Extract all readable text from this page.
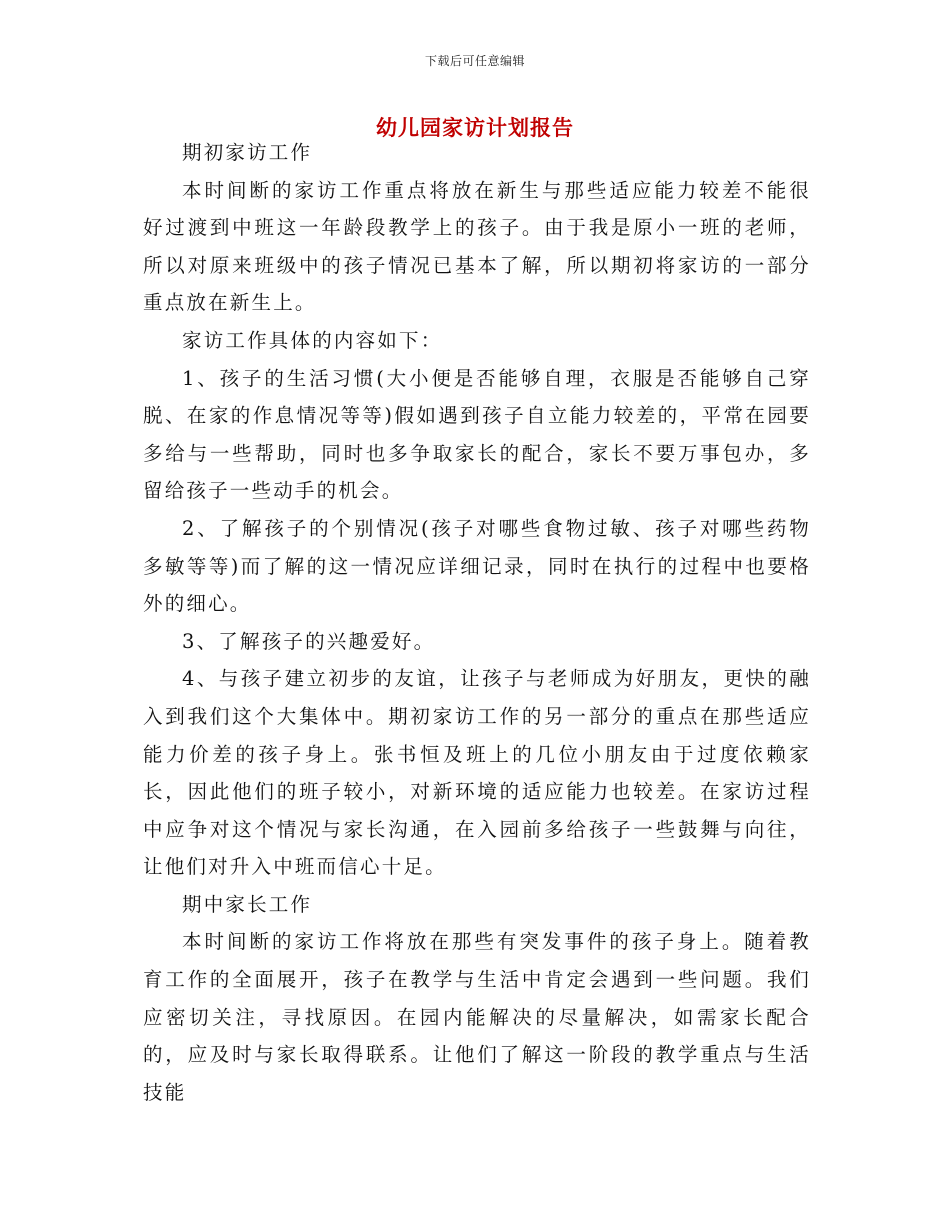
下载后可任意编辑
幼儿园家访计划报告

期初家访工作

本时间断的家访工作重点将放在新生与那些适应能力较差不能很好过渡到中班这一年龄段教学上的孩子。由于我是原小一班的老师，所以对原来班级中的孩子情况已基本了解，所以期初将家访的一部分重点放在新生上。

家访工作具体的内容如下：

1、孩子的生活习惯(大小便是否能够自理，衣服是否能够自己穿脱、在家的作息情况等等)假如遇到孩子自立能力较差的，平常在园要多给与一些帮助，同时也多争取家长的配合，家长不要万事包办，多留给孩子一些动手的机会。

2、了解孩子的个别情况(孩子对哪些食物过敏、孩子对哪些药物多敏等等)而了解的这一情况应详细记录，同时在执行的过程中也要格外的细心。

3、了解孩子的兴趣爱好。

4、与孩子建立初步的友谊，让孩子与老师成为好朋友，更快的融入到我们这个大集体中。期初家访工作的另一部分的重点在那些适应能力价差的孩子身上。张书恒及班上的几位小朋友由于过度依赖家长，因此他们的班子较小，对新环境的适应能力也较差。在家访过程中应争对这个情况与家长沟通，在入园前多给孩子一些鼓舞与向往，让他们对升入中班而信心十足。

期中家长工作

本时间断的家访工作将放在那些有突发事件的孩子身上。随着教育工作的全面展开，孩子在教学与生活中肯定会遇到一些问题。我们应密切关注，寻找原因。在园内能解决的尽量解决，如需家长配合的，应及时与家长取得联系。让他们了解这一阶段的教学重点与生活技能
